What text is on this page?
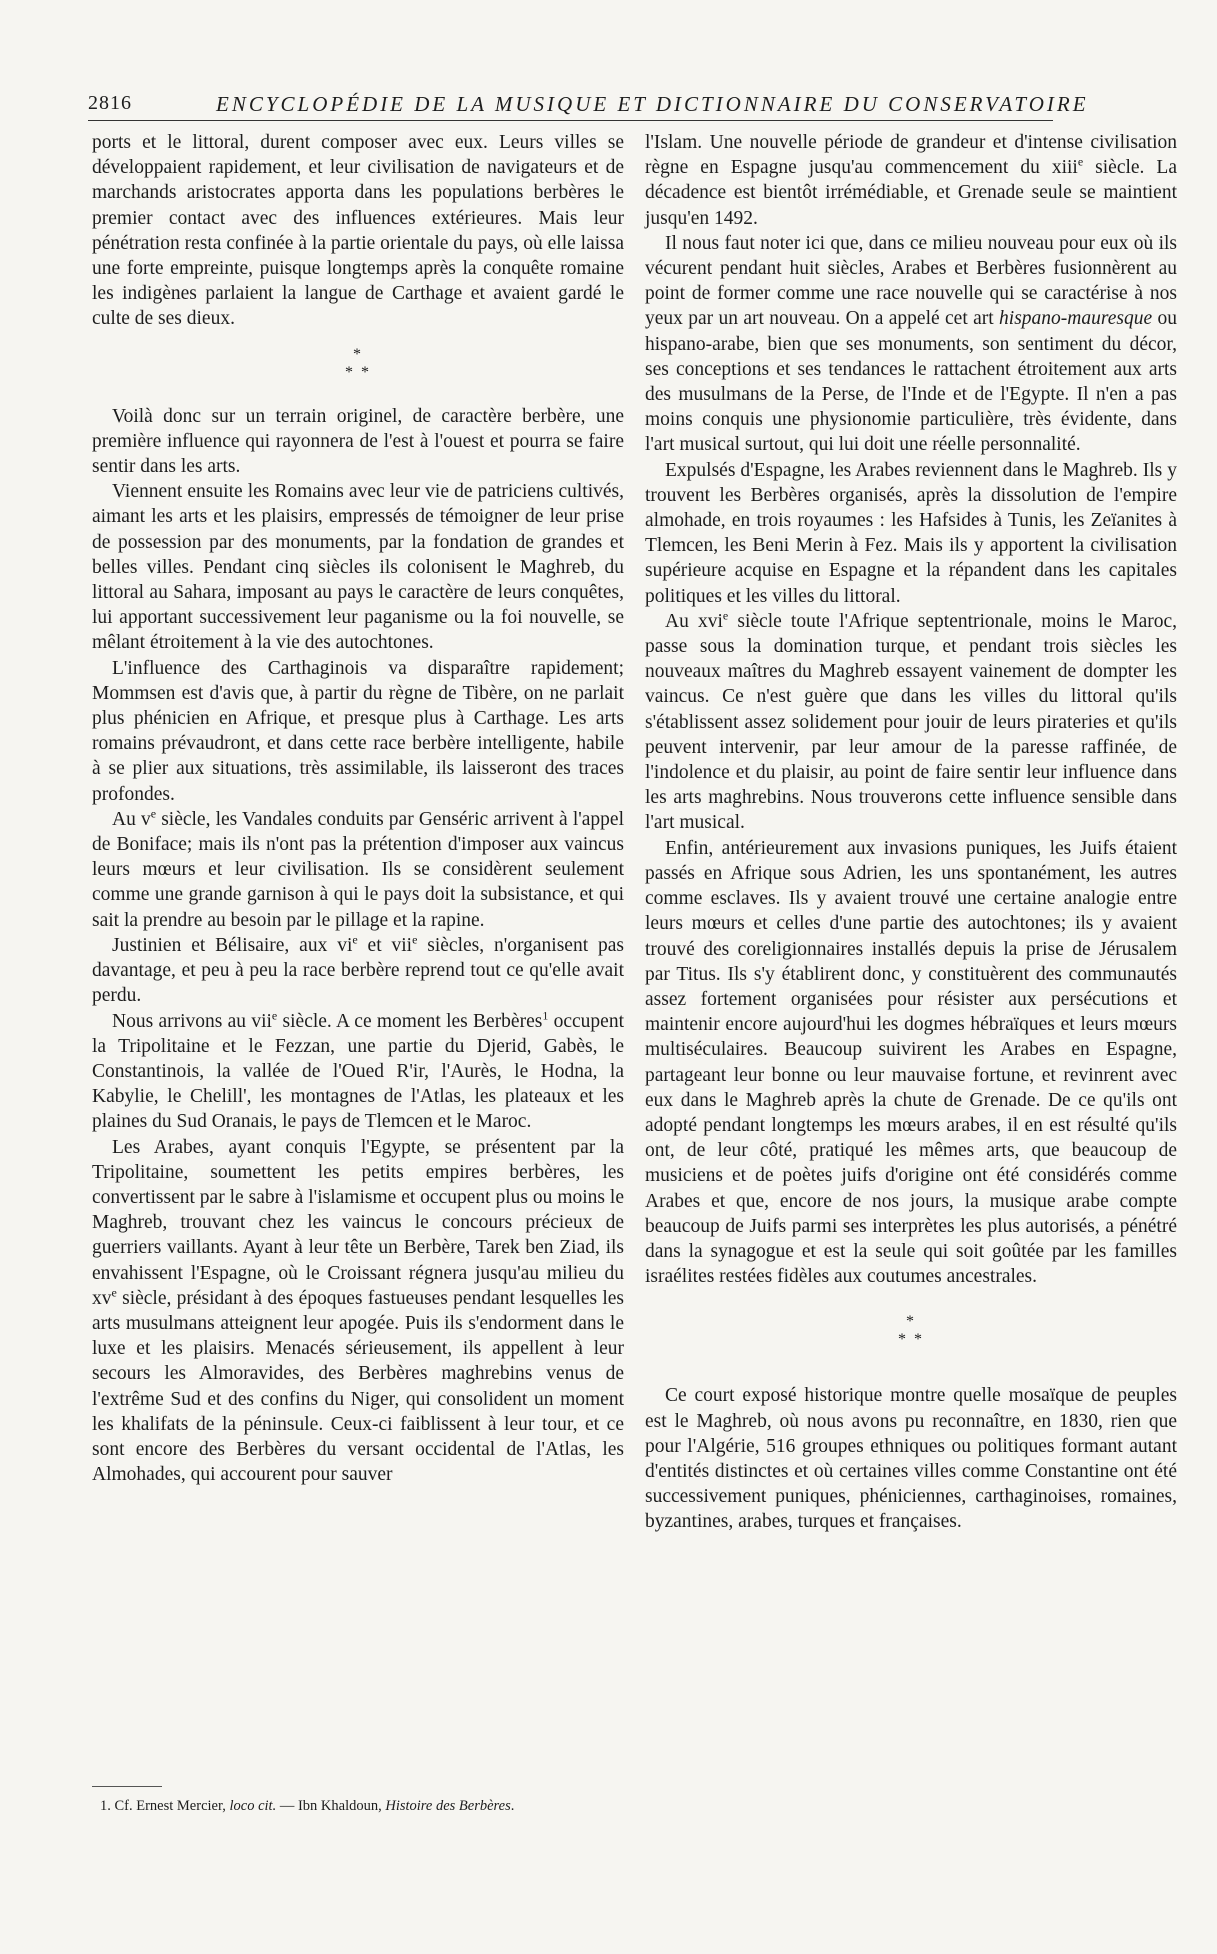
2816	ENCYCLOPÉDIE DE LA MUSIQUE ET DICTIONNAIRE DU CONSERVATOIRE

ports et le littoral, durent composer avec eux. Leurs villes se développaient rapidement, et leur civilisation de navigateurs et de marchands aristocrates apporta dans les populations berbères le premier contact avec des influences extérieures. Mais leur pénétration resta confinée à la partie orientale du pays, où elle laissa une forte empreinte, puisque longtemps après la conquête romaine les indigènes parlaient la langue de Carthage et avaient gardé le culte de ses dieux.

*
* *

Voilà donc sur un terrain originel, de caractère berbère, une première influence qui rayonnera de l'est à l'ouest et pourra se faire sentir dans les arts.

Viennent ensuite les Romains avec leur vie de patriciens cultivés, aimant les arts et les plaisirs, empressés de témoigner de leur prise de possession par des monuments, par la fondation de grandes et belles villes. Pendant cinq siècles ils colonisent le Maghreb, du littoral au Sahara, imposant au pays le caractère de leurs conquêtes, lui apportant successivement leur paganisme ou la foi nouvelle, se mêlant étroitement à la vie des autochtones.

L'influence des Carthaginois va disparaître rapidement; Mommsen est d'avis que, à partir du règne de Tibère, on ne parlait plus phénicien en Afrique, et presque plus à Carthage. Les arts romains prévaudront, et dans cette race berbère intelligente, habile à se plier aux situations, très assimilable, ils laisseront des traces profondes.

Au $v^e$ siècle, les Vandales conduits par Genséric arrivent à l'appel de Boniface; mais ils n'ont pas la prétention d'imposer aux vaincus leurs mœurs et leur civilisation. Ils se considèrent seulement comme une grande garnison à qui le pays doit la subsistance, et qui sait la prendre au besoin par le pillage et la rapine.

Justinien et Bélisaire, aux $vi^e$ et vii$^e$ siècles, n'organisent pas davantage, et peu à peu la race berbère reprend tout ce qu'elle avait perdu.

Nous arrivons au vii$^e$ siècle. A ce moment les Berbères$^1$ occupent la Tripolitaine et le Fezzan, une partie du Djerid, Gabès, le Constantinois, la vallée de l'Oued R'ir, l'Aurès, le Hodna, la Kabylie, le Chelill', les montagnes de l'Atlas, les plateaux et les plaines du Sud Oranais, le pays de Tlemcen et le Maroc.

Les Arabes, ayant conquis l'Egypte, se présentent par la Tripolitaine, soumettent les petits empires berbères, les convertissent par le sabre à l'islamisme et occupent plus ou moins le Maghreb, trouvant chez les vaincus le concours précieux de guerriers vaillants. Ayant à leur tête un Berbère, Tarek ben Ziad, ils envahissent l'Espagne, où le Croissant régnera jusqu'au milieu du $xv^e$ siècle, présidant à des époques fastueuses pendant lesquelles les arts musulmans atteignent leur apogée. Puis ils s'endorment dans le luxe et les plaisirs. Menacés sérieusement, ils appellent à leur secours les Almoravides, des Berbères maghrebins venus de l'extrême Sud et des confins du Niger, qui consolident un moment les khalifats de la péninsule. Ceux-ci faiblissent à leur tour, et ce sont encore des Berbères du versant occidental de l'Atlas, les Almohades, qui accourent pour sauver

l'Islam. Une nouvelle période de grandeur et d'intense civilisation règne en Espagne jusqu'au commencement du xiii$^e$ siècle. La décadence est bientôt irrémédiable, et Grenade seule se maintient jusqu'en 1492.

Il nous faut noter ici que, dans ce milieu nouveau pour eux où ils vécurent pendant huit siècles, Arabes et Berbères fusionnèrent au point de former comme une race nouvelle qui se caractérise à nos yeux par un art nouveau. On a appelé cet art hispano-mauresque ou hispano-arabe, bien que ses monuments, son sentiment du décor, ses conceptions et ses tendances le rattachent étroitement aux arts des musulmans de la Perse, de l'Inde et de l'Egypte. Il n'en a pas moins conquis une physionomie particulière, très évidente, dans l'art musical surtout, qui lui doit une réelle personnalité.

Expulsés d'Espagne, les Arabes reviennent dans le Maghreb. Ils y trouvent les Berbères organisés, après la dissolution de l'empire almohade, en trois royaumes : les Hafsides à Tunis, les Zeïanites à Tlemcen, les Beni Merin à Fez. Mais ils y apportent la civilisation supérieure acquise en Espagne et la répandent dans les capitales politiques et les villes du littoral.

Au xvi$^e$ siècle toute l'Afrique septentrionale, moins le Maroc, passe sous la domination turque, et pendant trois siècles les nouveaux maîtres du Maghreb essayent vainement de dompter les vaincus. Ce n'est guère que dans les villes du littoral qu'ils s'établissent assez solidement pour jouir de leurs pirateries et qu'ils peuvent intervenir, par leur amour de la paresse raffinée, de l'indolence et du plaisir, au point de faire sentir leur influence dans les arts maghrebins. Nous trouverons cette influence sensible dans l'art musical.

Enfin, antérieurement aux invasions puniques, les Juifs étaient passés en Afrique sous Adrien, les uns spontanément, les autres comme esclaves. Ils y avaient trouvé une certaine analogie entre leurs mœurs et celles d'une partie des autochtones; ils y avaient trouvé des coreligionnaires installés depuis la prise de Jérusalem par Titus. Ils s'y établirent donc, y constituèrent des communautés assez fortement organisées pour résister aux persécutions et maintenir encore aujourd'hui les dogmes hébraïques et leurs mœurs multiséculaires. Beaucoup suivirent les Arabes en Espagne, partageant leur bonne ou leur mauvaise fortune, et revinrent avec eux dans le Maghreb après la chute de Grenade. De ce qu'ils ont adopté pendant longtemps les mœurs arabes, il en est résulté qu'ils ont, de leur côté, pratiqué les mêmes arts, que beaucoup de musiciens et de poètes juifs d'origine ont été considérés comme Arabes et que, encore de nos jours, la musique arabe compte beaucoup de Juifs parmi ses interprètes les plus autorisés, a pénétré dans la synagogue et est la seule qui soit goûtée par les familles israélites restées fidèles aux coutumes ancestrales.

*
* *

Ce court exposé historique montre quelle mosaïque de peuples est le Maghreb, où nous avons pu reconnaître, en 1830, rien que pour l'Algérie, 516 groupes ethniques ou politiques formant autant d'entités distinctes et où certaines villes comme Constantine ont été successivement puniques, phéniciennes, carthaginoises, romaines, byzantines, arabes, turques et françaises.

1. Cf. Ernest Mercier, loco cit. — Ibn Khaldoun, Histoire des Berbères.
